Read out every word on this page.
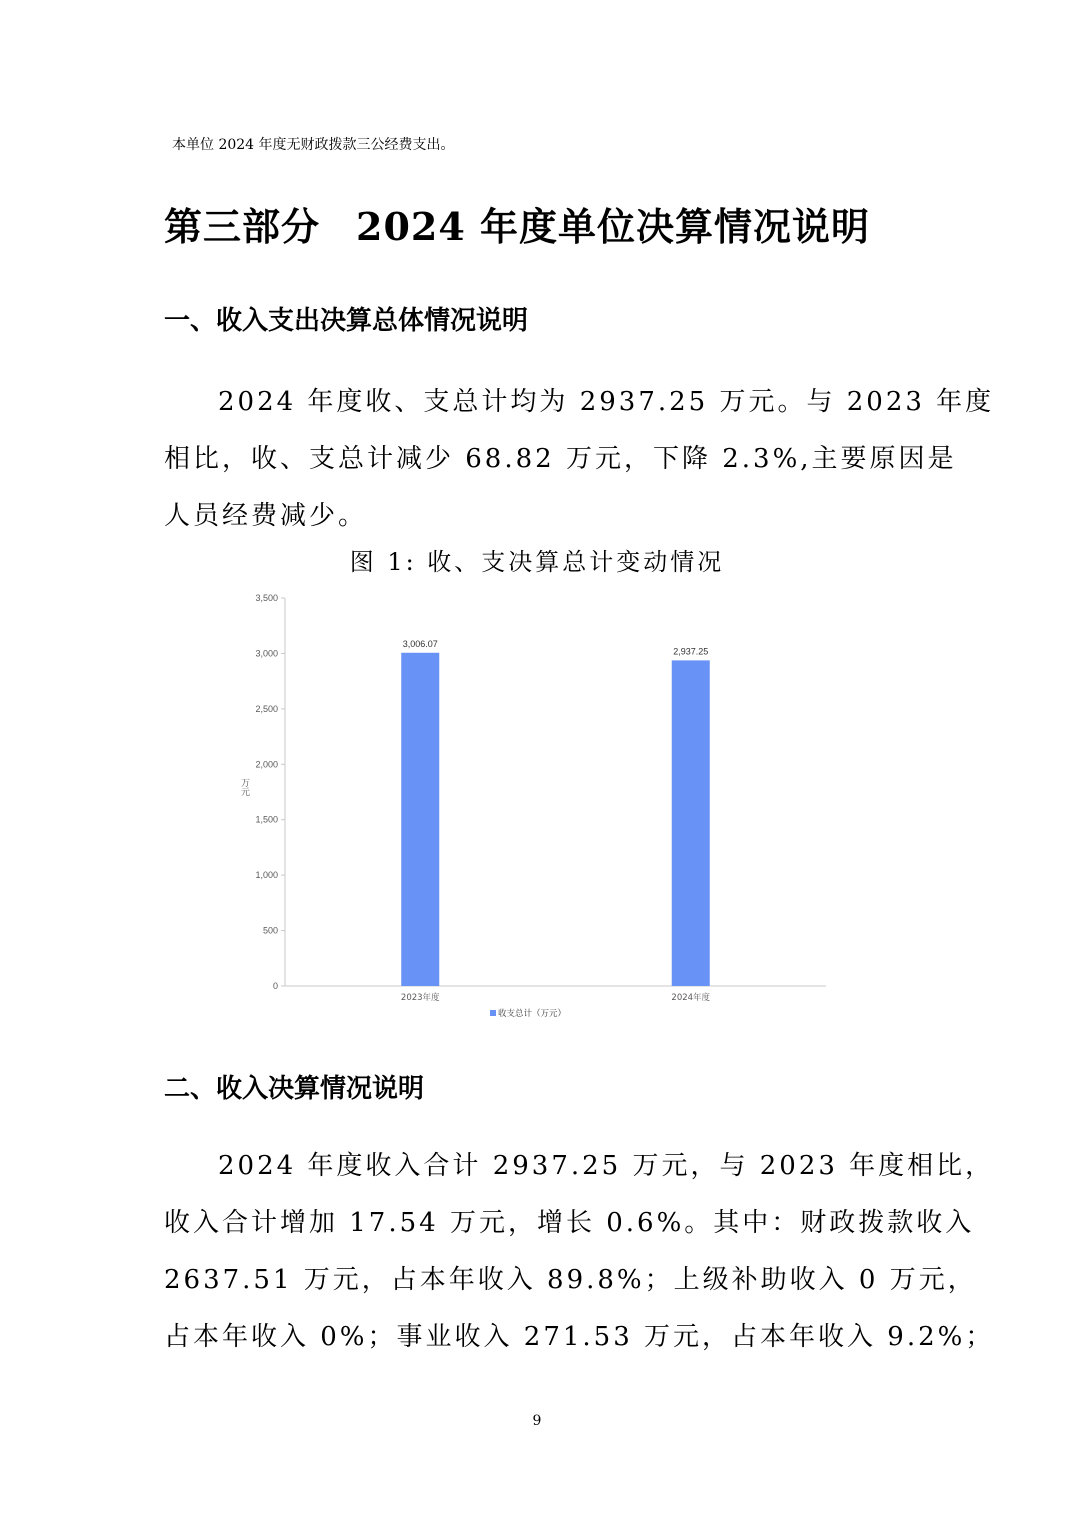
本单位 2024 年度无财政拨款三公经费支出。
第三部分 2024 年度单位决算情况说明
一、收入支出决算总体情况说明

2024 年度收、支总计均为 2937.25 万元。与 2023 年度

相比，收、支总计减少 68.82 万元，下降 2.3%,主要原因是

人员经费减少。

图 1: 收、支决算总计变动情况
0
500
1,000
1,500
2,000
2,500
3,000
3,500
万元
3,006.07
2023年度
2,937.25
2024年度
收支总计（万元）
二、收入决算情况说明

2024 年度收入合计 2937.25 万元，与 2023 年度相比，

收入合计增加 17.54 万元，增长 0.6%。其中：财政拨款收入

2637.51 万元，占本年收入 89.8%；上级补助收入 0 万元，

占本年收入 0%；事业收入 271.53 万元，占本年收入 9.2%；

9
